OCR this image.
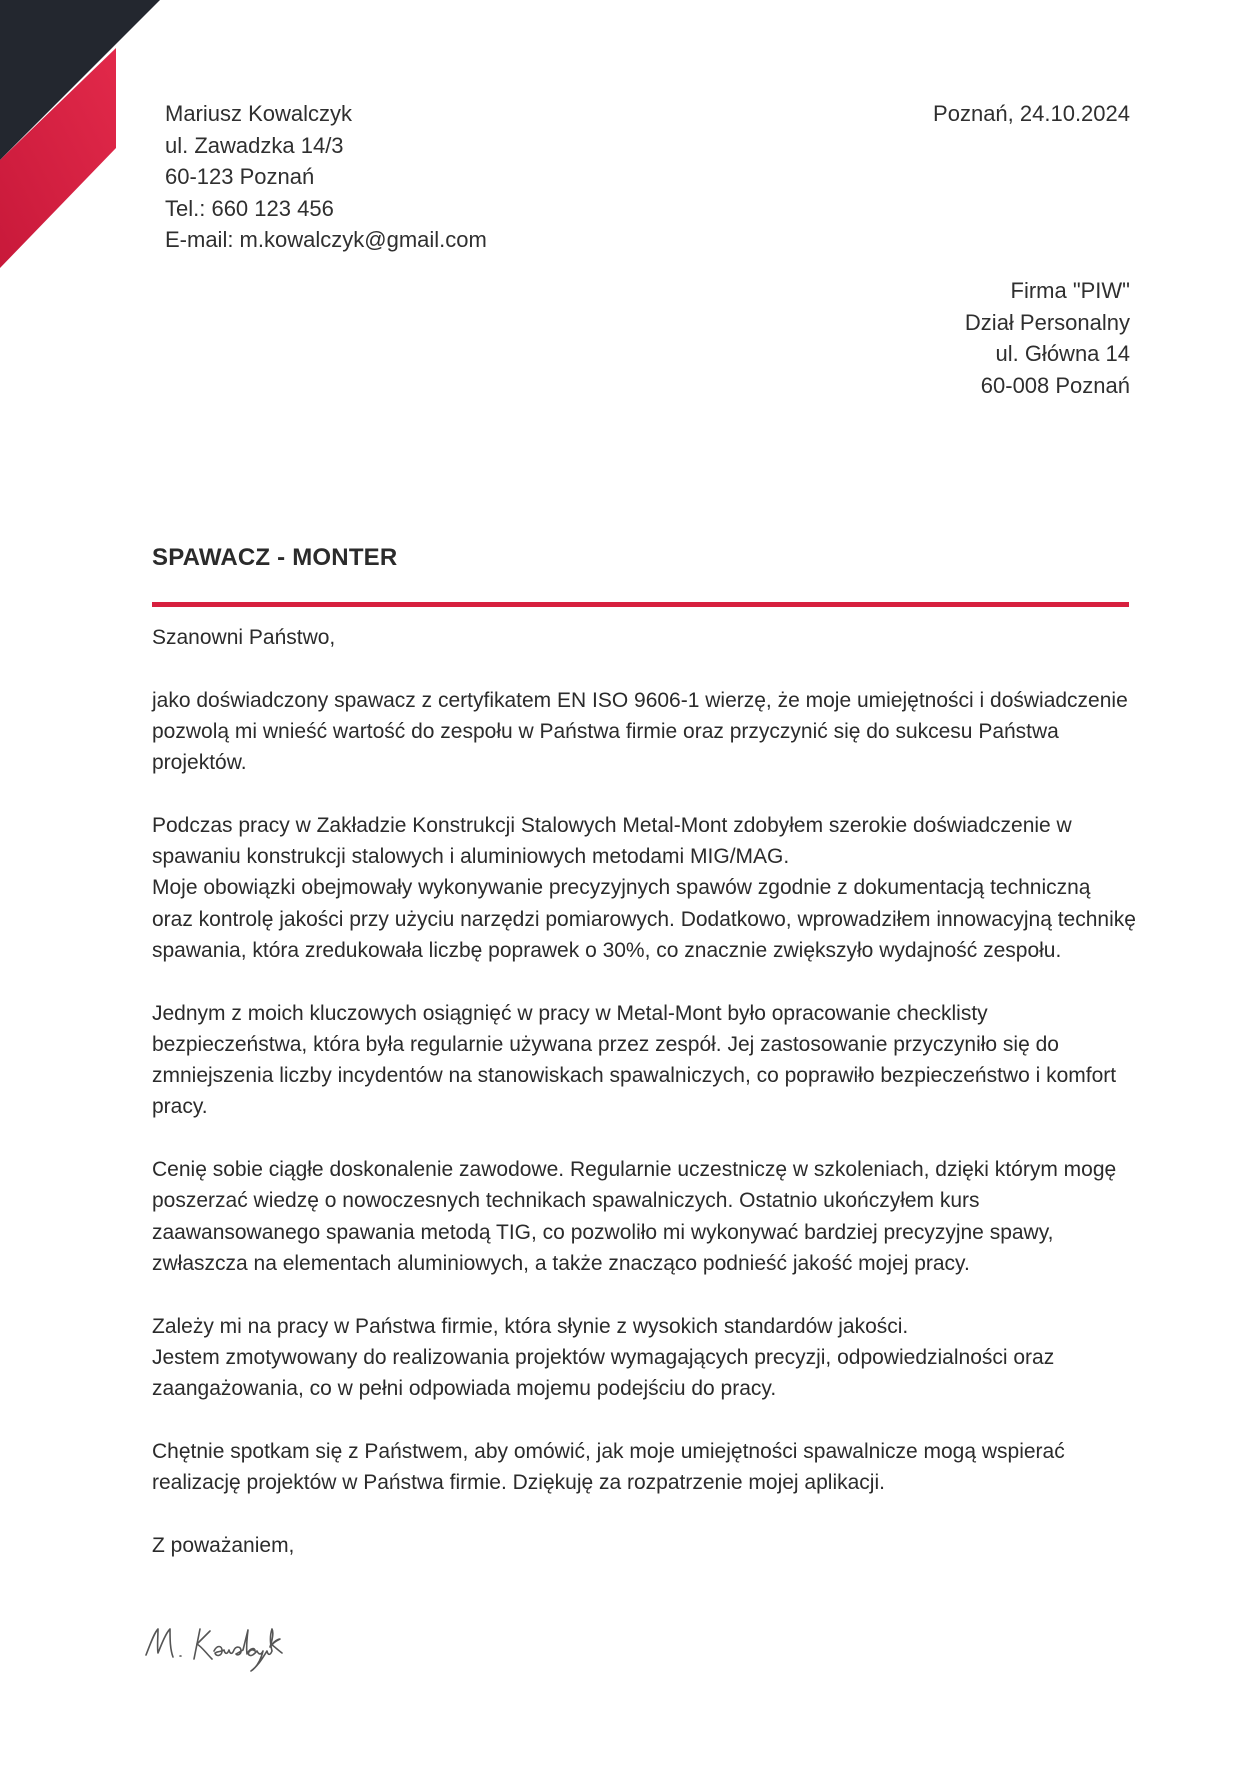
Mariusz Kowalczyk
ul. Zawadzka 14/3
60-123 Poznań
Tel.: 660 123 456
E-mail: m.kowalczyk@gmail.com
Poznań, 24.10.2024
Firma "PIW"
Dział Personalny
ul. Główna 14
60-008 Poznań
SPAWACZ - MONTER

Szanowni Państwo,

jako doświadczony spawacz z certyfikatem EN ISO 9606-1 wierzę, że moje umiejętności i doświadczenie pozwolą mi wnieść wartość do zespołu w Państwa firmie oraz przyczynić się do sukcesu Państwa projektów.

Podczas pracy w Zakładzie Konstrukcji Stalowych Metal-Mont zdobyłem szerokie doświadczenie w spawaniu konstrukcji stalowych i aluminiowych metodami MIG/MAG.
Moje obowiązki obejmowały wykonywanie precyzyjnych spawów zgodnie z dokumentacją techniczną oraz kontrolę jakości przy użyciu narzędzi pomiarowych. Dodatkowo, wprowadziłem innowacyjną technikę spawania, która zredukowała liczbę poprawek o 30%, co znacznie zwiększyło wydajność zespołu.

Jednym z moich kluczowych osiągnięć w pracy w Metal-Mont było opracowanie checklisty bezpieczeństwa, która była regularnie używana przez zespół. Jej zastosowanie przyczyniło się do zmniejszenia liczby incydentów na stanowiskach spawalniczych, co poprawiło bezpieczeństwo i komfort pracy.

Cenię sobie ciągłe doskonalenie zawodowe. Regularnie uczestniczę w szkoleniach, dzięki którym mogę poszerzać wiedzę o nowoczesnych technikach spawalniczych. Ostatnio ukończyłem kurs zaawansowanego spawania metodą TIG, co pozwoliło mi wykonywać bardziej precyzyjne spawy, zwłaszcza na elementach aluminiowych, a także znacząco podnieść jakość mojej pracy.

Zależy mi na pracy w Państwa firmie, która słynie z wysokich standardów jakości.
Jestem zmotywowany do realizowania projektów wymagających precyzji, odpowiedzialności oraz zaangażowania, co w pełni odpowiada mojemu podejściu do pracy.

Chętnie spotkam się z Państwem, aby omówić, jak moje umiejętności spawalnicze mogą wspierać realizację projektów w Państwa firmie. Dziękuję za rozpatrzenie mojej aplikacji.

Z poważaniem,
